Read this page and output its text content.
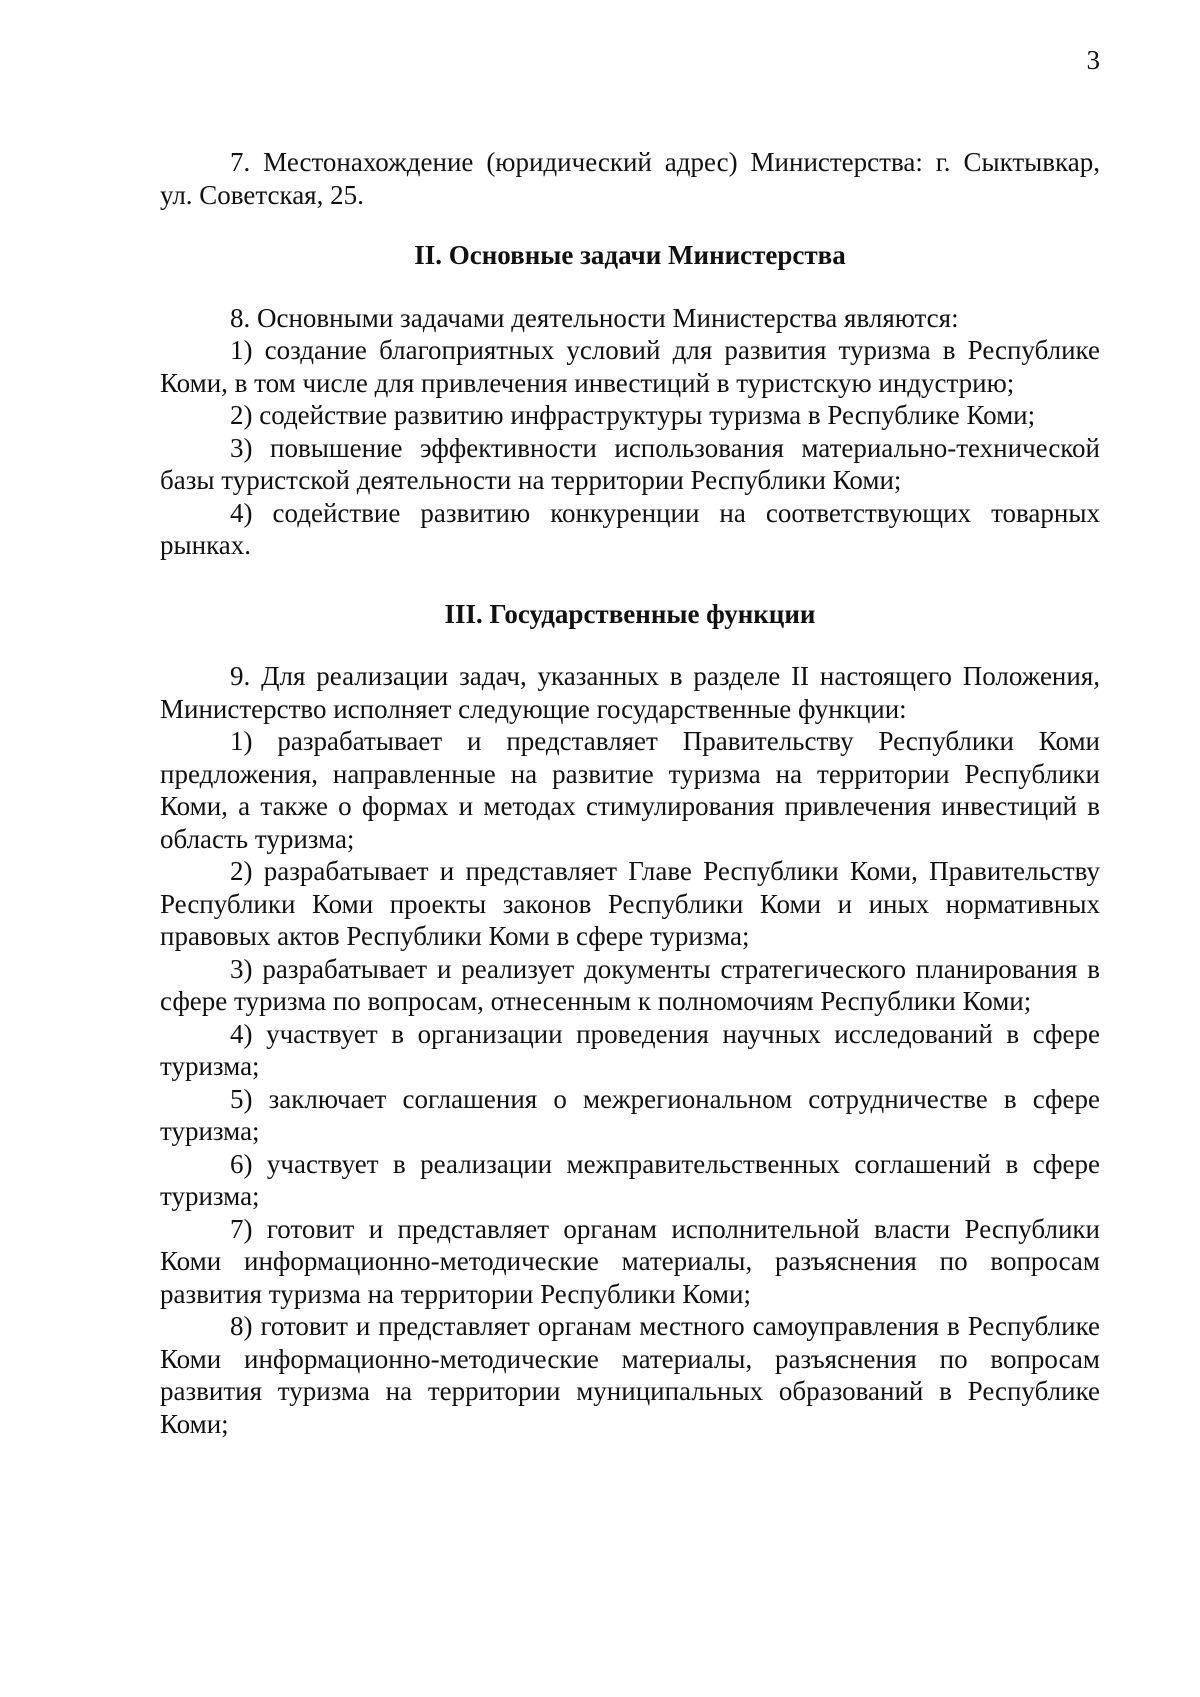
3

7. Местонахождение (юридический адрес) Министерства: г. Сыктывкар, ул. Советская, 25.

II. Основные задачи Министерства

8. Основными задачами деятельности Министерства являются:

1) создание благоприятных условий для развития туризма в Республике Коми, в том числе для привлечения инвестиций в туристскую индустрию;

2) содействие развитию инфраструктуры туризма в Республике Коми;

3) повышение эффективности использования материально-технической базы туристской деятельности на территории Республики Коми;

4) содействие развитию конкуренции на соответствующих товарных рынках.

III. Государственные функции

9. Для реализации задач, указанных в разделе II настоящего Положения, Министерство исполняет следующие государственные функции:

1) разрабатывает и представляет Правительству Республики Коми предложения, направленные на развитие туризма на территории Республики Коми, а также о формах и методах стимулирования привлечения инвестиций в область туризма;

2) разрабатывает и представляет Главе Республики Коми, Правительству Республики Коми проекты законов Республики Коми и иных нормативных правовых актов Республики Коми в сфере туризма;

3) разрабатывает и реализует документы стратегического планирования в сфере туризма по вопросам, отнесенным к полномочиям Республики Коми;

4) участвует в организации проведения научных исследований в сфере туризма;

5) заключает соглашения о межрегиональном сотрудничестве в сфере туризма;

6) участвует в реализации межправительственных соглашений в сфере туризма;

7) готовит и представляет органам исполнительной власти Республики Коми информационно-методические материалы, разъяснения по вопросам развития туризма на территории Республики Коми;

8) готовит и представляет органам местного самоуправления в Республике Коми информационно-методические материалы, разъяснения по вопросам развития туризма на территории муниципальных образований в Республике Коми;
